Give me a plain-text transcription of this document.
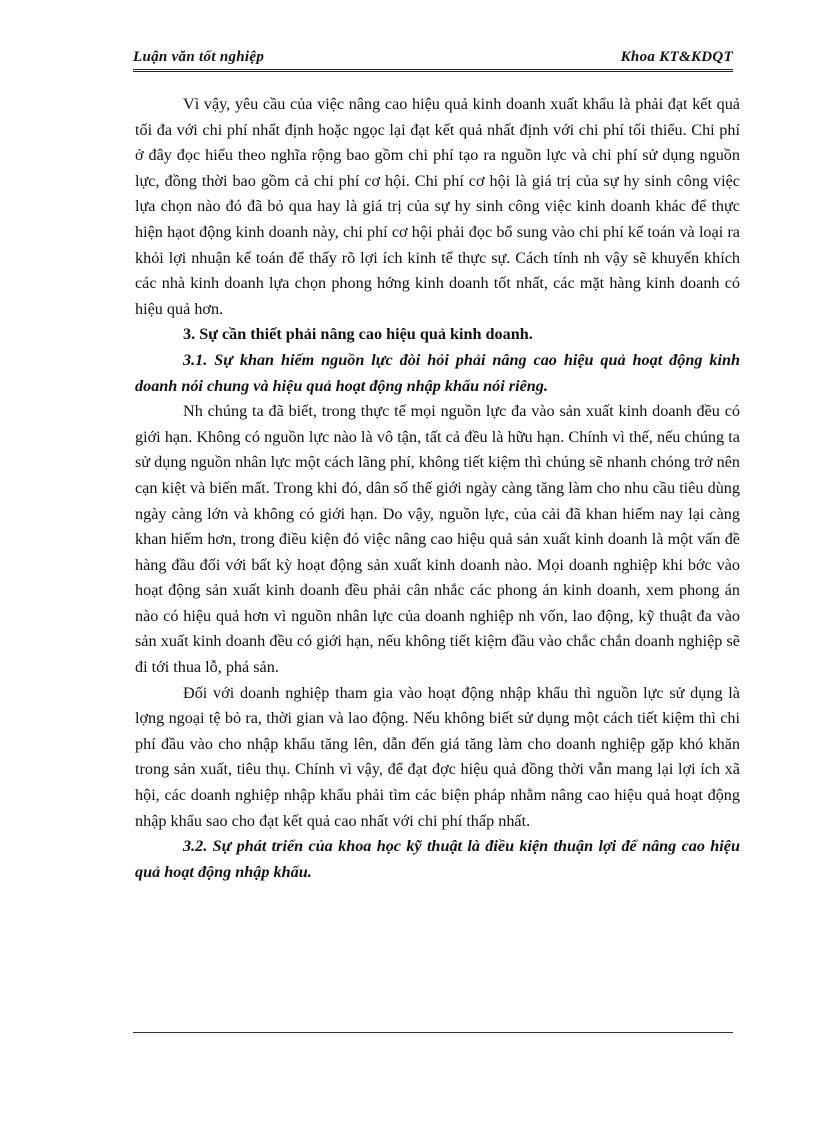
Luận văn tốt nghiệp	Khoa KT&KDQT

Vì vậy, yêu cầu của việc nâng cao hiệu quả kinh doanh xuất khẩu là phải đạt kết quả tối đa với chi phí nhất định hoặc ngọc lại đạt kết quả nhất định với chi phí tối thiểu. Chi phí ở đây đọc hiểu theo nghĩa rộng bao gồm chi phí tạo ra nguồn lực và chi phí sử dụng nguồn lực, đồng thời bao gồm cả chi phí cơ hội. Chi phí cơ hội là giá trị của sự hy sinh công việc lựa chọn nào đó đã bỏ qua hay là giá trị của sự hy sinh công việc kinh doanh khác để thực hiện hạot động kinh doanh này, chi phí cơ hội phải đọc bổ sung vào chi phí kế toán và loại ra khỏi lợi nhuận kế toán để thấy rõ lợi ích kinh tế thực sự. Cách tính nh vậy sẽ khuyến khích các nhà kinh doanh lựa chọn phong hớng kinh doanh tốt nhất, các mặt hàng kinh doanh có hiệu quả hơn.

3. Sự cần thiết phải nâng cao hiệu quả kinh doanh.

3.1. Sự khan hiếm nguồn lực đòi hỏi phải nâng cao hiệu quả hoạt động kinh doanh nói chung và hiệu quả hoạt động nhập khẩu nói riêng.

Nh chúng ta đã biết, trong thực tế mọi nguồn lực đa vào sản xuất kinh doanh đều có giới hạn. Không có nguồn lực nào là vô tận, tất cả đều là hữu hạn. Chính vì thế, nếu chúng ta sử dụng nguồn nhân lực một cách lãng phí, không tiết kiệm thì chúng sẽ nhanh chóng trở nên cạn kiệt và biến mất. Trong khi đó, dân số thế giới ngày càng tăng làm cho nhu cầu tiêu dùng ngày càng lớn và không có giới hạn. Do vậy, nguồn lực, của cải đã khan hiếm nay lại càng khan hiếm hơn, trong điều kiện đó việc nâng cao hiệu quả sản xuất kinh doanh là một vấn đề hàng đầu đối với bất kỳ hoạt động sản xuất kinh doanh nào. Mọi doanh nghiệp khi bớc vào hoạt động sản xuất kinh doanh đều phải cân nhắc các phong án kinh doanh, xem phong án nào có hiệu quả hơn vì nguồn nhân lực của doanh nghiệp nh vốn, lao động, kỹ thuật đa vào sản xuất kinh doanh đều có giới hạn, nếu không tiết kiệm đầu vào chắc chắn doanh nghiệp sẽ đi tới thua lỗ, phá sản.

Đối với doanh nghiệp tham gia vào hoạt động nhập khẩu thì nguồn lực sử dụng là lợng ngoại tệ bỏ ra, thời gian và lao động. Nếu không biết sử dụng một cách tiết kiệm thì chi phí đầu vào cho nhập khẩu tăng lên, dẫn đến giá tăng làm cho doanh nghiệp gặp khó khăn trong sản xuất, tiêu thụ. Chính vì vậy, để đạt đợc hiệu quả đồng thời vẫn mang lại lợi ích xã hội, các doanh nghiệp nhập khẩu phải tìm các biện pháp nhằm nâng cao hiệu quả hoạt động nhập khẩu sao cho đạt kết quả cao nhất với chi phí thấp nhất.

3.2. Sự phát triển của khoa học kỹ thuật là điều kiện thuận lợi để nâng cao hiệu quả hoạt động nhập khẩu.
